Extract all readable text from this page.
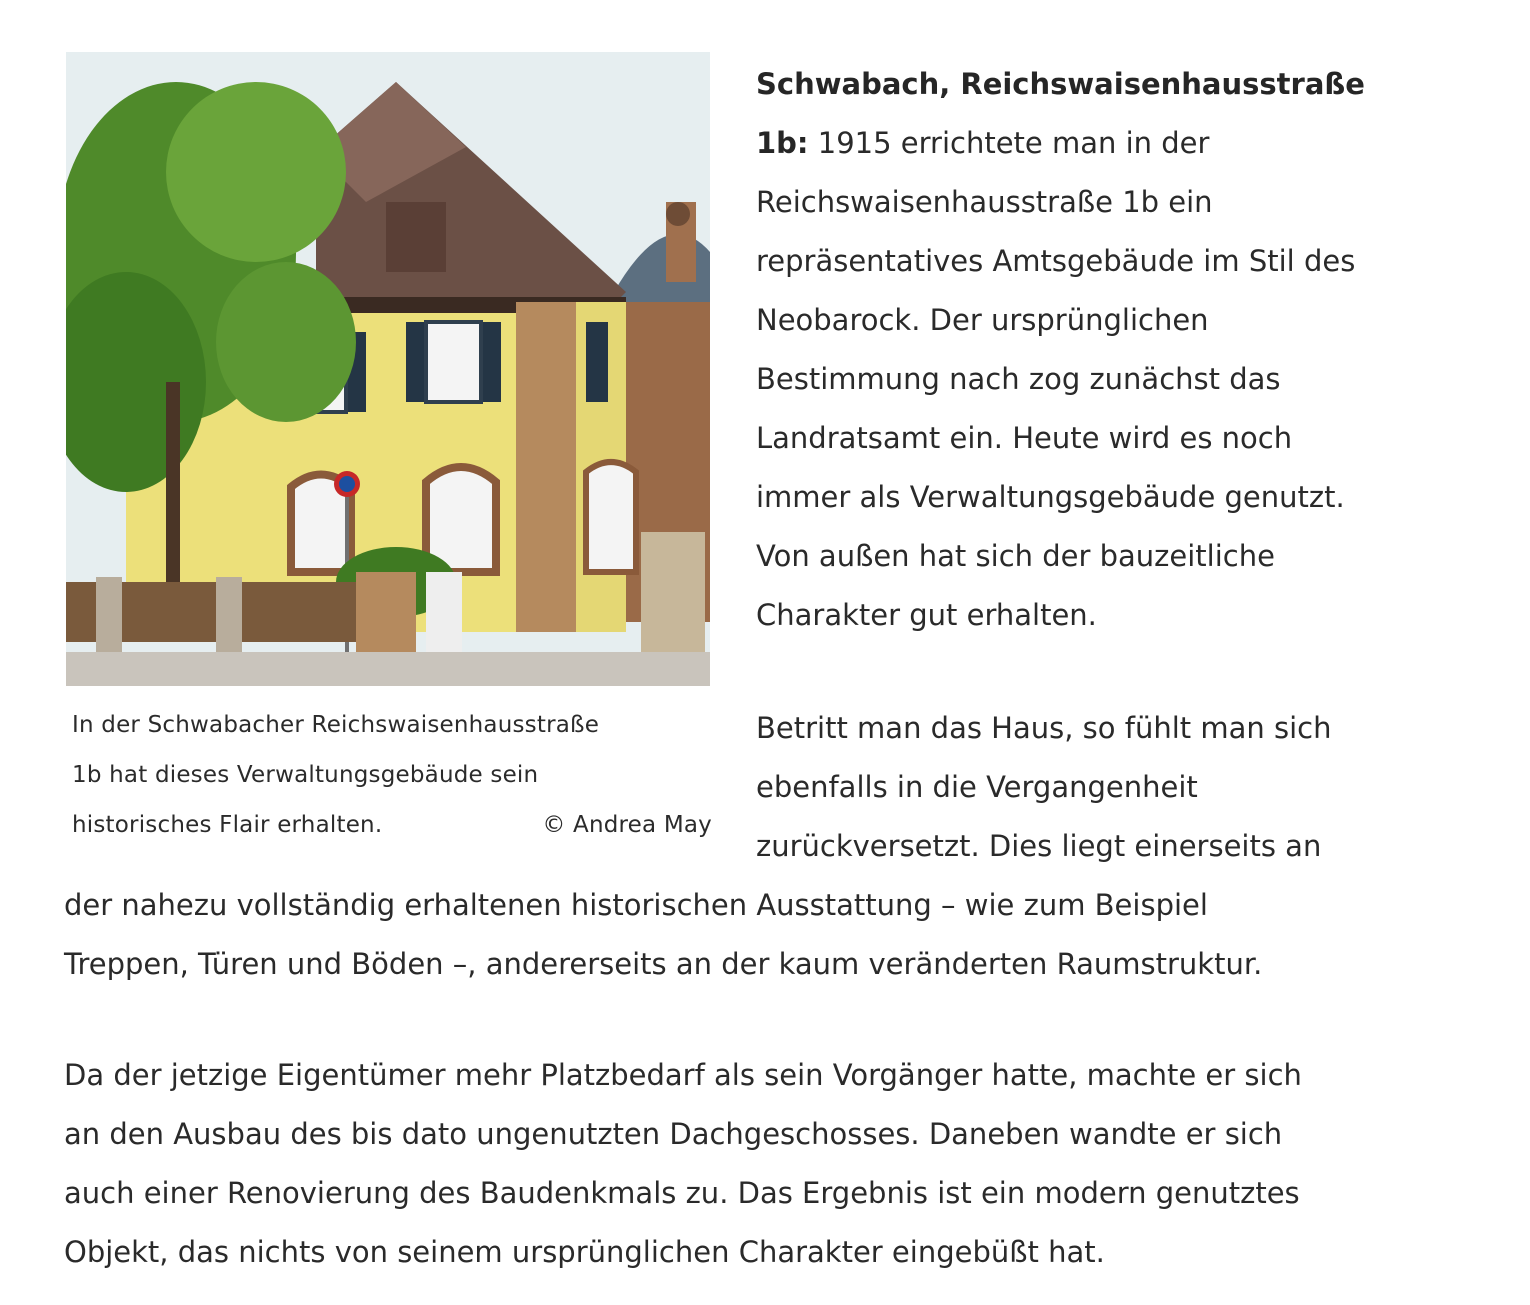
In der Schwabacher Reichswaisenhausstraße
1b hat dieses Verwaltungsgebäude sein
historisches Flair erhalten.	© Andrea May
Schwabach, Reichswaisenhausstraße
1b: 1915 errichtete man in der
Reichswaisenhausstraße 1b ein
repräsentatives Amtsgebäude im Stil des
Neobarock. Der ursprünglichen
Bestimmung nach zog zunächst das
Landratsamt ein. Heute wird es noch
immer als Verwaltungsgebäude genutzt.
Von außen hat sich der bauzeitliche
Charakter gut erhalten.
Betritt man das Haus, so fühlt man sich
ebenfalls in die Vergangenheit
zurückversetzt. Dies liegt einerseits an
der nahezu vollständig erhaltenen historischen Ausstattung – wie zum Beispiel
Treppen, Türen und Böden –, andererseits an der kaum veränderten Raumstruktur.
Da der jetzige Eigentümer mehr Platzbedarf als sein Vorgänger hatte, machte er sich
an den Ausbau des bis dato ungenutzten Dachgeschosses. Daneben wandte er sich
auch einer Renovierung des Baudenkmals zu. Das Ergebnis ist ein modern genutztes
Objekt, das nichts von seinem ursprünglichen Charakter eingebüßt hat.
